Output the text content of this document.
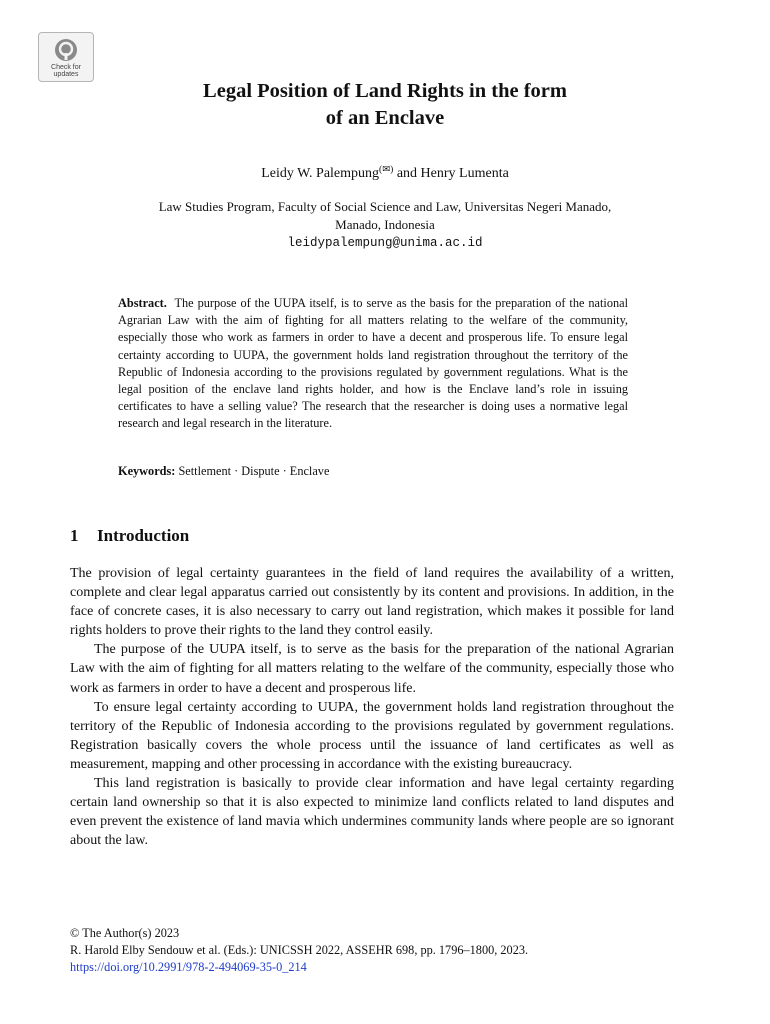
Check for
updates
Legal Position of Land Rights in the form
of an Enclave
Leidy W. Palempung(✉) and Henry Lumenta
Law Studies Program, Faculty of Social Science and Law, Universitas Negeri Manado,
Manado, Indonesia
leidypalempung@unima.ac.id
Abstract. The purpose of the UUPA itself, is to serve as the basis for the preparation of the national Agrarian Law with the aim of fighting for all matters relating to the welfare of the community, especially those who work as farmers in order to have a decent and prosperous life. To ensure legal certainty according to UUPA, the government holds land registration throughout the territory of the Republic of Indonesia according to the provisions regulated by government regulations. What is the legal position of the enclave land rights holder, and how is the Enclave land’s role in issuing certificates to have a selling value? The research that the researcher is doing uses a normative legal research and legal research in the literature.
Keywords: Settlement · Dispute · Enclave
1 Introduction

The provision of legal certainty guarantees in the field of land requires the availability of a written, complete and clear legal apparatus carried out consistently by its content and provisions. In addition, in the face of concrete cases, it is also necessary to carry out land registration, which makes it possible for land rights holders to prove their rights to the land they control easily.

The purpose of the UUPA itself, is to serve as the basis for the preparation of the national Agrarian Law with the aim of fighting for all matters relating to the welfare of the community, especially those who work as farmers in order to have a decent and prosperous life.

To ensure legal certainty according to UUPA, the government holds land registration throughout the territory of the Republic of Indonesia according to the provisions regulated by government regulations. Registration basically covers the whole process until the issuance of land certificates as well as measurement, mapping and other processing in accordance with the existing bureaucracy.

This land registration is basically to provide clear information and have legal certainty regarding certain land ownership so that it is also expected to minimize land conflicts related to land disputes and even prevent the existence of land mavia which undermines community lands where people are so ignorant about the law.

© The Author(s) 2023
R. Harold Elby Sendouw et al. (Eds.): UNICSSH 2022, ASSEHR 698, pp. 1796–1800, 2023.
https://doi.org/10.2991/978-2-494069-35-0_214
